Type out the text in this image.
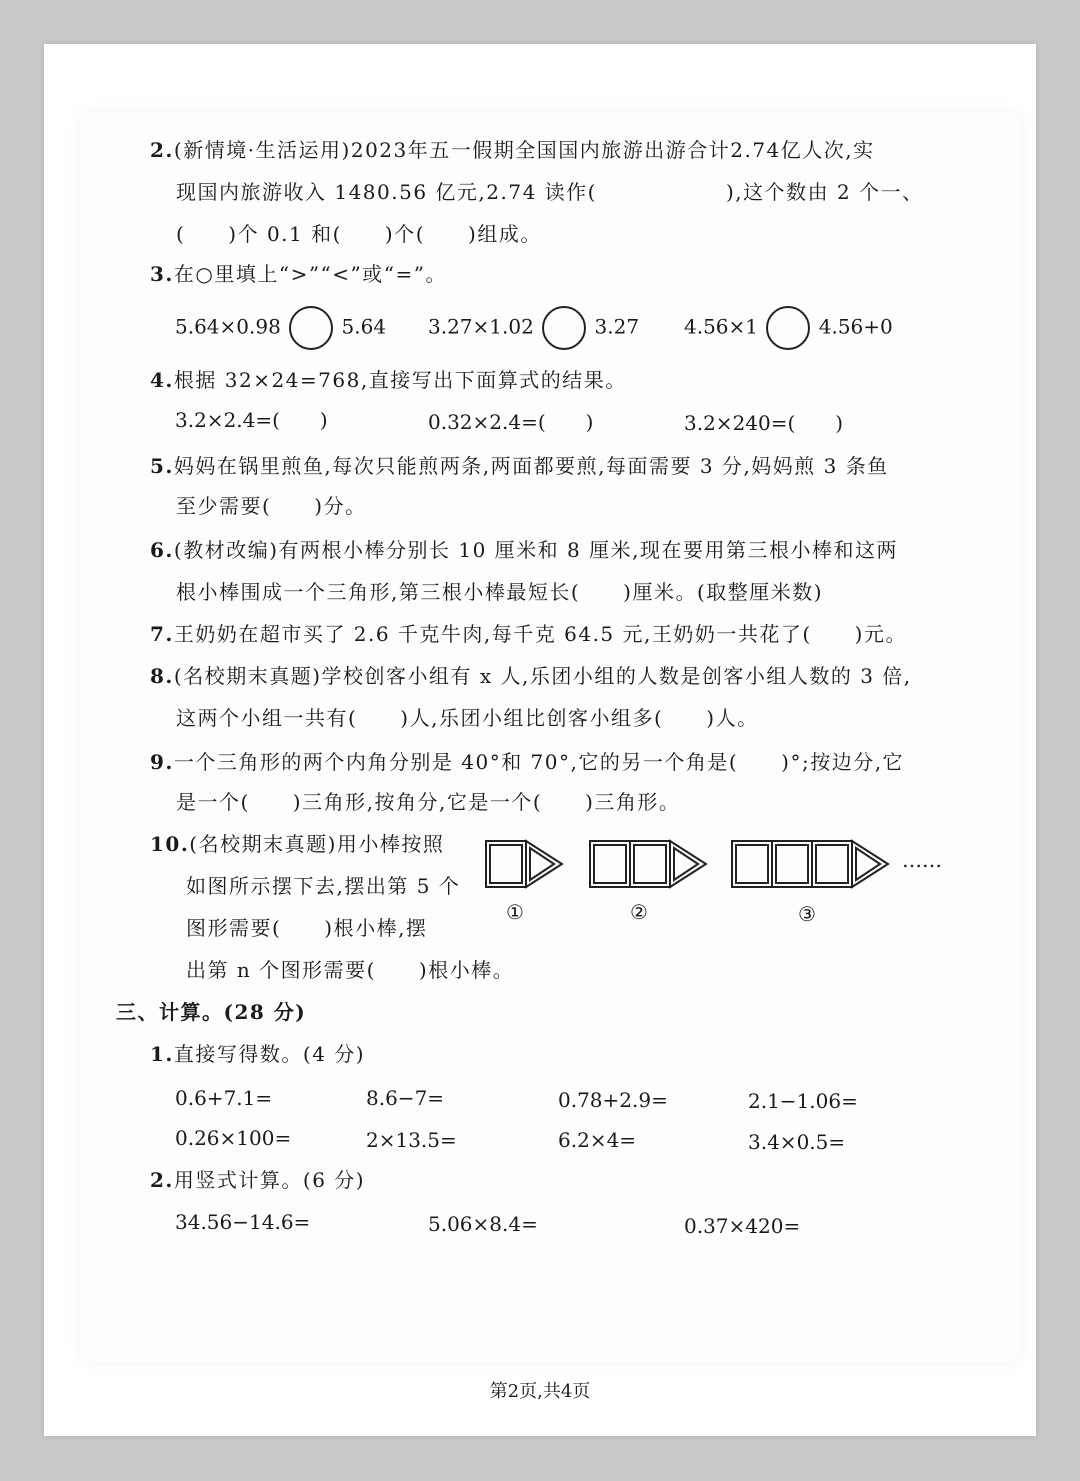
2.(新情境·生活运用)2023年五一假期全国国内旅游出游合计2.74亿人次,实
现国内旅游收入 1480.56 亿元,2.74 读作(　　　　　　),这个数由 2 个一、
(　　)个 0.1 和(　　)个(　　)组成。
3.在○里填上“>”“<”或“=”。
5.64×0.98	5.64 3.27×1.02	3.27 4.56×1	4.56+0
4.根据 32×24=768,直接写出下面算式的结果。
3.2×2.4=(　　)	0.32×2.4=(　　)	3.2×240=(　　)
5.妈妈在锅里煎鱼,每次只能煎两条,两面都要煎,每面需要 3 分,妈妈煎 3 条鱼
至少需要(　　)分。
6.(教材改编)有两根小棒分别长 10 厘米和 8 厘米,现在要用第三根小棒和这两
根小棒围成一个三角形,第三根小棒最短长(　　)厘米。(取整厘米数)
7.王奶奶在超市买了 2.6 千克牛肉,每千克 64.5 元,王奶奶一共花了(　　)元。
8.(名校期末真题)学校创客小组有 x 人,乐团小组的人数是创客小组人数的 3 倍,
这两个小组一共有(　　)人,乐团小组比创客小组多(　　)人。
9.一个三角形的两个内角分别是 40°和 70°,它的另一个角是(　　)°;按边分,它
是一个(　　)三角形,按角分,它是一个(　　)三角形。
10.(名校期末真题)用小棒按照
如图所示摆下去,摆出第 5 个
图形需要(　　)根小棒,摆
出第 n 个图形需要(　　)根小棒。
①	②	③
……
三、计算。(28 分)
1.直接写得数。(4 分)
0.6+7.1=	8.6−7=	0.78+2.9=	2.1−1.06=
0.26×100=	2×13.5=	6.2×4=	3.4×0.5=
2.用竖式计算。(6 分)
34.56−14.6=	5.06×8.4=	0.37×420=
第2页,共4页
